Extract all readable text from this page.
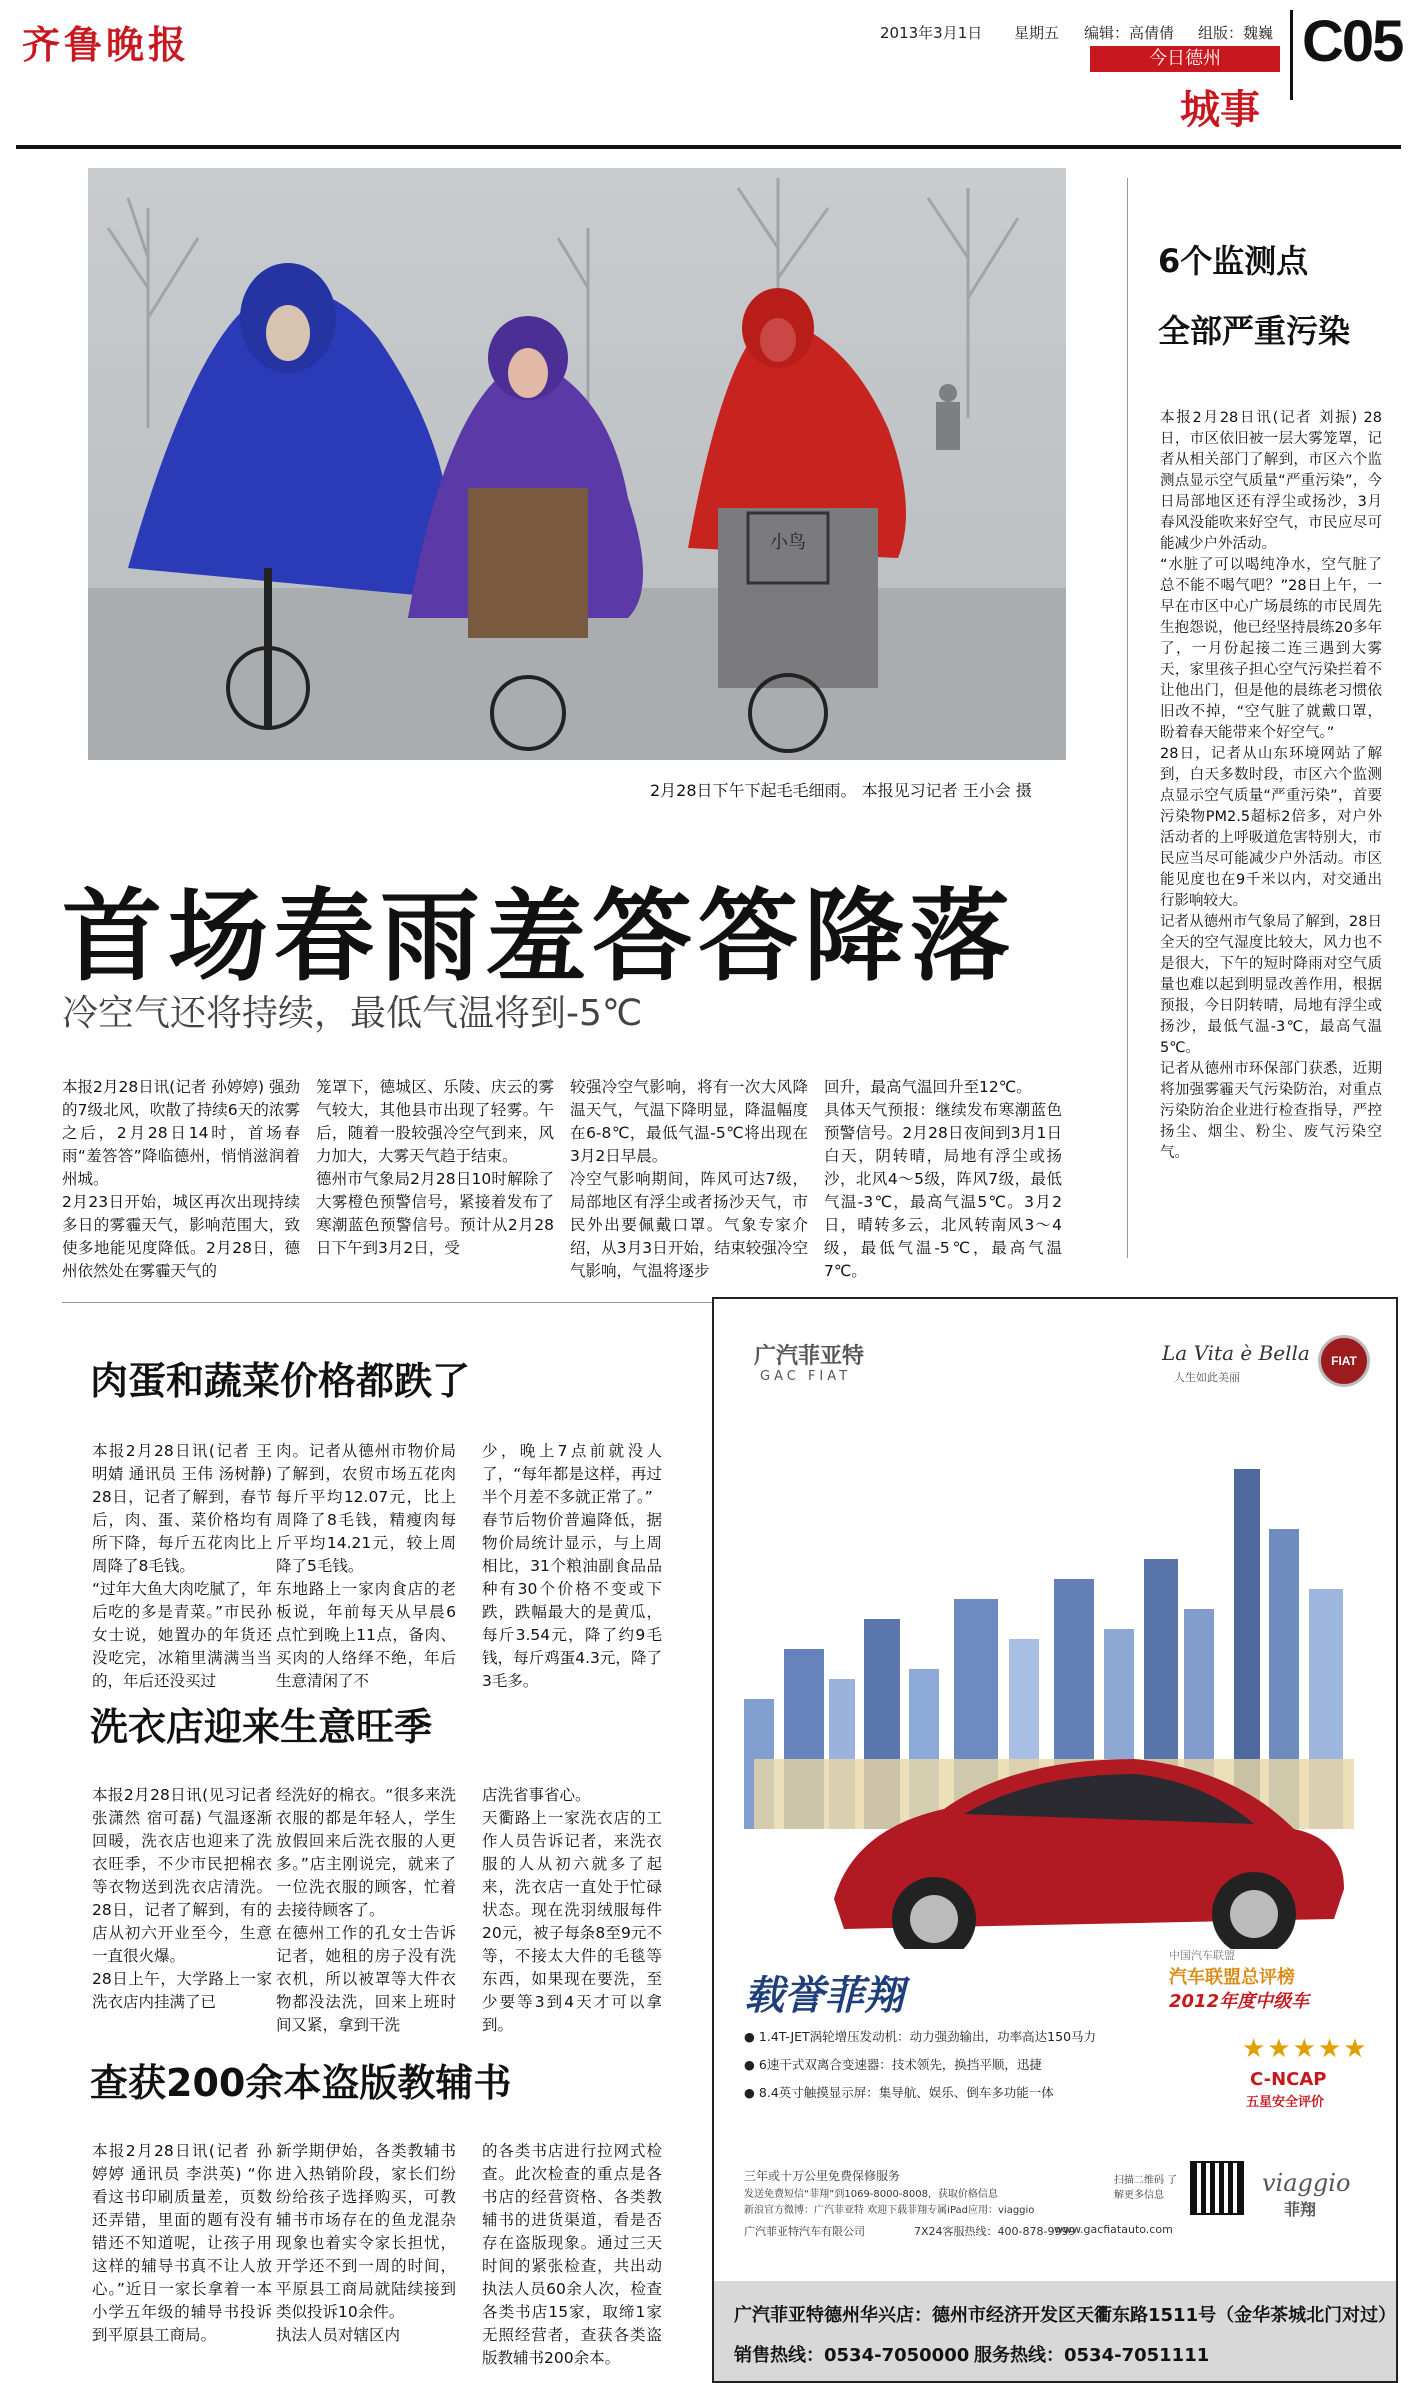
齐鲁晚报	2013年3月1日 星期五 编辑：高倩倩 组版：魏巍 C05
今日德州
城事
小鸟
2月28日下午下起毛毛细雨。 本报见习记者 王小会 摄
首场春雨羞答答降落
冷空气还将持续，最低气温将到-5℃
本报2月28日讯(记者 孙婷婷) 强劲的7级北风，吹散了持续6天的浓雾之后，2月28日14时，首场春雨“羞答答”降临德州，悄悄滋润着州城。
2月23日开始，城区再次出现持续多日的雾霾天气，影响范围大，致使多地能见度降低。2月28日，德州依然处在雾霾天气的
笼罩下，德城区、乐陵、庆云的雾气较大，其他县市出现了轻雾。午后，随着一股较强冷空气到来，风力加大，大雾天气趋于结束。
德州市气象局2月28日10时解除了大雾橙色预警信号，紧接着发布了寒潮蓝色预警信号。预计从2月28日下午到3月2日，受
较强冷空气影响，将有一次大风降温天气，气温下降明显，降温幅度在6-8℃，最低气温-5℃将出现在3月2日早晨。
冷空气影响期间，阵风可达7级，局部地区有浮尘或者扬沙天气，市民外出要佩戴口罩。气象专家介绍，从3月3日开始，结束较强冷空气影响，气温将逐步
回升，最高气温回升至12℃。
具体天气预报：继续发布寒潮蓝色预警信号。2月28日夜间到3月1日白天，阴转晴，局地有浮尘或扬沙，北风4～5级，阵风7级，最低气温-3℃，最高气温5℃。3月2日，晴转多云，北风转南风3～4级，最低气温-5℃，最高气温7℃。
6个监测点
全部严重污染
本报2月28日讯(记者 刘振) 28日，市区依旧被一层大雾笼罩，记者从相关部门了解到，市区六个监测点显示空气质量“严重污染”，今日局部地区还有浮尘或扬沙，3月春风没能吹来好空气，市民应尽可能减少户外活动。
“水脏了可以喝纯净水，空气脏了总不能不喝气吧？”28日上午，一早在市区中心广场晨练的市民周先生抱怨说，他已经坚持晨练20多年了，一月份起接二连三遇到大雾天，家里孩子担心空气污染拦着不让他出门，但是他的晨练老习惯依旧改不掉，“空气脏了就戴口罩，盼着春天能带来个好空气。”
28日，记者从山东环境网站了解到，白天多数时段，市区六个监测点显示空气质量“严重污染”，首要污染物PM2.5超标2倍多，对户外活动者的上呼吸道危害特别大，市民应当尽可能减少户外活动。市区能见度也在9千米以内，对交通出行影响较大。
记者从德州市气象局了解到，28日全天的空气湿度比较大，风力也不是很大，下午的短时降雨对空气质量也难以起到明显改善作用，根据预报，今日阴转晴，局地有浮尘或扬沙，最低气温-3℃，最高气温5℃。
记者从德州市环保部门获悉，近期将加强雾霾天气污染防治，对重点污染防治企业进行检查指导，严控扬尘、烟尘、粉尘、废气污染空气。
肉蛋和蔬菜价格都跌了
本报2月28日讯(记者 王明婧 通讯员 王伟 汤树静) 28日，记者了解到，春节后，肉、蛋、菜价格均有所下降，每斤五花肉比上周降了8毛钱。
“过年大鱼大肉吃腻了，年后吃的多是青菜。”市民孙女士说，她置办的年货还没吃完，冰箱里满满当当的，年后还没买过
肉。记者从德州市物价局了解到，农贸市场五花肉每斤平均12.07元，比上周降了8毛钱，精瘦肉每斤平均14.21元，较上周降了5毛钱。
东地路上一家肉食店的老板说，年前每天从早晨6点忙到晚上11点，备肉、买肉的人络绎不绝，年后生意清闲了不
少，晚上7点前就没人了，“每年都是这样，再过半个月差不多就正常了。”
春节后物价普遍降低，据物价局统计显示，与上周相比，31个粮油副食品品种有30个价格不变或下跌，跌幅最大的是黄瓜，每斤3.54元，降了约9毛钱，每斤鸡蛋4.3元，降了3毛多。
洗衣店迎来生意旺季
本报2月28日讯(见习记者 张潇然 宿可磊) 气温逐渐回暖，洗衣店也迎来了洗衣旺季，不少市民把棉衣等衣物送到洗衣店清洗。28日，记者了解到，有的店从初六开业至今，生意一直很火爆。
28日上午，大学路上一家洗衣店内挂满了已
经洗好的棉衣。“很多来洗衣服的都是年轻人，学生放假回来后洗衣服的人更多。”店主刚说完，就来了一位洗衣服的顾客，忙着去接待顾客了。
在德州工作的孔女士告诉记者，她租的房子没有洗衣机，所以被罩等大件衣物都没法洗，回来上班时间又紧，拿到干洗
店洗省事省心。
天衢路上一家洗衣店的工作人员告诉记者，来洗衣服的人从初六就多了起来，洗衣店一直处于忙碌状态。现在洗羽绒服每件20元，被子每条8至9元不等，不接太大件的毛毯等东西，如果现在要洗，至少要等3到4天才可以拿到。
查获200余本盗版教辅书
本报2月28日讯(记者 孙婷婷 通讯员 李洪英) “你看这书印刷质量差，页数还弄错，里面的题有没有错还不知道呢，让孩子用这样的辅导书真不让人放心。”近日一家长拿着一本小学五年级的辅导书投诉到平原县工商局。
新学期伊始，各类教辅书进入热销阶段，家长们纷纷给孩子选择购买，可教辅书市场存在的鱼龙混杂现象也着实令家长担忧，开学还不到一周的时间，平原县工商局就陆续接到类似投诉10余件。
执法人员对辖区内
的各类书店进行拉网式检查。此次检查的重点是各书店的经营资格、各类教辅书的进货渠道，看是否存在盗版现象。通过三天时间的紧张检查，共出动执法人员60余人次，检查各类书店15家，取缔1家无照经营者，查获各类盗版教辅书200余本。
广汽菲亚特
GAC FIAT
La Vita è Bella
人生如此美丽
FIAT
载誉菲翔
中国汽车联盟
汽车联盟总评榜
2012年度中级车
★★★★★
C-NCAP
五星安全评价
● 1.4T-JET涡轮增压发动机：动力强劲输出，功率高达150马力
● 6速干式双离合变速器：技术领先，换挡平顺，迅捷
● 8.4英寸触摸显示屏：集导航、娱乐、倒车多功能一体
三年或十万公里免费保修服务
发送免费短信“菲翔”到1069-8000-8008，获取价格信息
新浪官方微博：广汽菲亚特 欢迎下载菲翔专属iPad应用：viaggio
广汽菲亚特汽车有限公司	7X24客服热线：400-878-9999
www.gacfiatauto.com
扫描二维码 了解更多信息	viaggio
菲翔
广汽菲亚特德州华兴店：德州市经济开发区天衢东路1511号（金华茶城北门对过）
销售热线：0534-7050000 服务热线：0534-7051111
